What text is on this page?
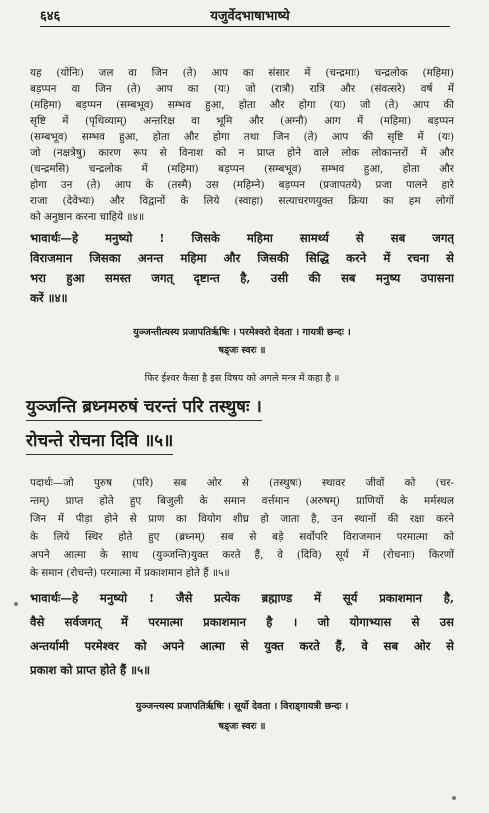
६४६	यजुर्वेदभाषाभाष्ये
यह (योनिः) जल वा जिन (ते) आप का संसार में (चन्द्रमाः) चन्द्रलोक (महिमा)
बड़प्पन वा जिन (ते) आप का (यः) जो (रात्रौ) रात्रि और (संवत्सरे) वर्ष में
(महिमा) बड़प्पन (सम्बभूव) सम्भव हुआ, होता और होगा (यः) जो (ते) आप की
सृष्टि में (पृथिव्याम्) अन्तरिक्ष वा भूमि और (अग्नौ) आग में (महिमा) बड़प्पन
(सम्बभूव) सम्भव हुआ, होता और होगा तथा जिन (ते) आप की सृष्टि में (यः)
जो (नक्षत्रेषु) कारण रूप से विनाश को न प्राप्त होने वाले लोक लोकान्तरों में और
(चन्द्रमसि) चन्द्रलोक में (महिमा) बड़प्पन (सम्बभूव) सम्भव हुआ, होता और
होगा उन (ते) आप के (तस्मै) उस (महिम्ने) बड़प्पन (प्रजापतये) प्रजा पालने हारे
राजा (देवेभ्यः) और विद्वानों के लिये (स्वाहा) सत्याचरणयुक्त क्रिया का हम लोगों
को अनुष्ठान करना चाहिये ॥४॥
भावार्थः—हे मनुष्यो ! जिसके महिमा सामर्थ्य से सब जगत्
विराजमान जिसका अनन्त महिमा और जिसकी सिद्धि करने में रचना से
भरा हुआ समस्त जगत् दृष्टान्त है, उसी की सब मनुष्य उपासना
करें ॥४॥
युञ्जन्तीत्यस्य प्रजापतिर्ऋषिः । परमेश्वरो देवता । गायत्री छन्दः ।
षड्जः स्वरः ॥
फिर ईश्वर कैसा है इस विषय को अगले मन्त्र में कहा है ॥
युञ्जन्ति ब्रध्नमरुषं चरन्तं परि तस्थुषः ।
रोचन्ते रोचना दिवि ॥५॥
पदार्थः—जो पुरुष (परि) सब ओर से (तस्थुषः) स्थावर जीवों को (चर-
न्तम्) प्राप्त होते हुए बिजुली के समान वर्त्तमान (अरुषम्) प्राणियों के मर्मस्थल
जिन में पीड़ा होने से प्राण का वियोग शीघ्र हो जाता है, उन स्थानों की रक्षा करने
के लिये स्थिर होते हुए (ब्रध्नम्) सब से बड़े सर्वोपरि विराजमान परमात्मा को
अपने आत्मा के साथ (युञ्जन्ति)युक्त करते हैं, वे (दिवि) सूर्य में (रोचनाः) किरणों
के समान (रोचन्ते) परमात्मा में प्रकाशमान होते हैं ॥५॥
भावार्थः—हे मनुष्यो ! जैसे प्रत्येक ब्रह्माण्ड में सूर्य प्रकाशमान है,
वैसे सर्वजगत् में परमात्मा प्रकाशमान है । जो योगाभ्यास से उस
अन्तर्यामी परमेश्वर को अपने आत्मा से युक्त करते हैं, वे सब ओर से
प्रकाश को प्राप्त होते हैं ॥५॥
युञ्जन्त्यस्य प्रजापतिर्ऋषिः । सूर्यो देवता । विराड्गायत्री छन्दः ।
षड्जः स्वरः ॥
